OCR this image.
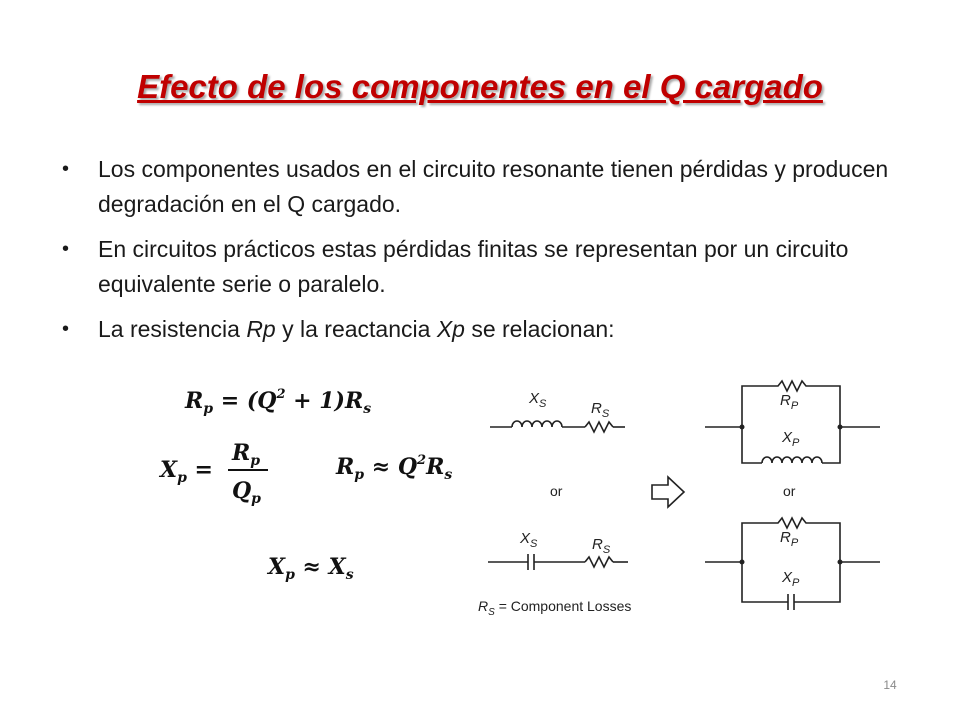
Efecto de los componentes en el Q cargado
• Los componentes usados en el circuito resonante tienen pérdidas y producen degradación en el Q cargado.
• En circuitos prácticos estas pérdidas finitas se representan por un circuito equivalente serie o paralelo.
• La resistencia Rp y la reactancia Xp se relacionan:
$R_p = (Q^2 + 1)R_s$
$X_p$ =
$R_p$
$Q_p$
$R_p \approx Q^2R_s$
$X_p \approx X_s$
$X_S$	$R_S$
or
$X_S$	$R_S$
$R_S$ = Component Losses
$R_P$
$X_P$
or
$R_P$
$X_P$
14
